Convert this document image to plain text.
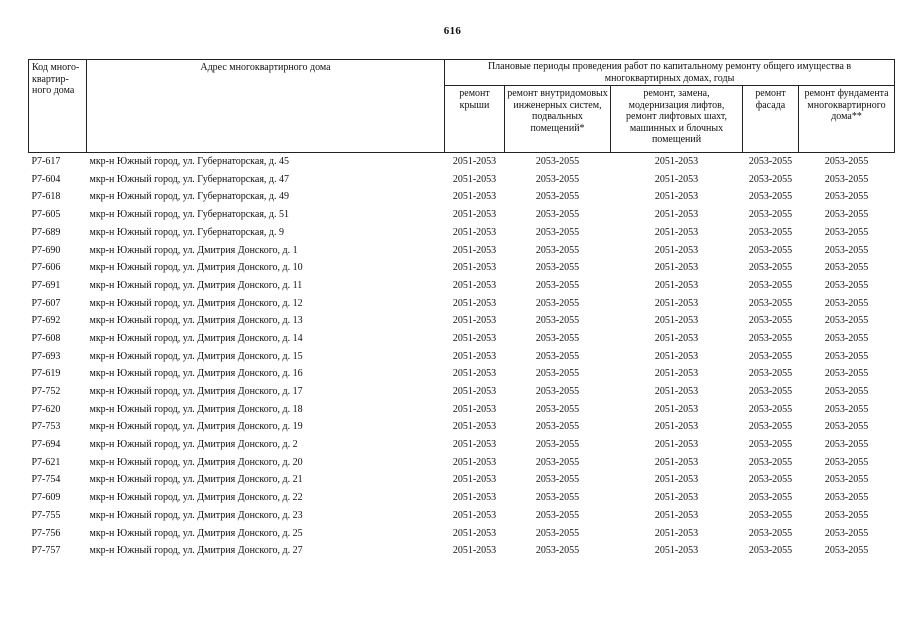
616
Код много-квартир-ного дома	Адрес многоквартирного дома	Плановые периоды проведения работ по капитальному ремонту общего имущества в многоквартирных домах, годы				
		ремонт крыши	ремонт внутридомовых инженерных систем, подвальных помещений*	ремонт, замена, модернизация лифтов, ремонт лифтовых шахт, машинных и блочных помещений	ремонт фасада	ремонт фундамента многоквартирного дома**
Р7-617	мкр-н Южный город, ул. Губернаторская, д. 45	2051-2053	2053-2055	2051-2053	2053-2055	2053-2055
Р7-604	мкр-н Южный город, ул. Губернаторская, д. 47	2051-2053	2053-2055	2051-2053	2053-2055	2053-2055
Р7-618	мкр-н Южный город, ул. Губернаторская, д. 49	2051-2053	2053-2055	2051-2053	2053-2055	2053-2055
Р7-605	мкр-н Южный город, ул. Губернаторская, д. 51	2051-2053	2053-2055	2051-2053	2053-2055	2053-2055
Р7-689	мкр-н Южный город, ул. Губернаторская, д. 9	2051-2053	2053-2055	2051-2053	2053-2055	2053-2055
Р7-690	мкр-н Южный город, ул. Дмитрия Донского, д. 1	2051-2053	2053-2055	2051-2053	2053-2055	2053-2055
Р7-606	мкр-н Южный город, ул. Дмитрия Донского, д. 10	2051-2053	2053-2055	2051-2053	2053-2055	2053-2055
Р7-691	мкр-н Южный город, ул. Дмитрия Донского, д. 11	2051-2053	2053-2055	2051-2053	2053-2055	2053-2055
Р7-607	мкр-н Южный город, ул. Дмитрия Донского, д. 12	2051-2053	2053-2055	2051-2053	2053-2055	2053-2055
Р7-692	мкр-н Южный город, ул. Дмитрия Донского, д. 13	2051-2053	2053-2055	2051-2053	2053-2055	2053-2055
Р7-608	мкр-н Южный город, ул. Дмитрия Донского, д. 14	2051-2053	2053-2055	2051-2053	2053-2055	2053-2055
Р7-693	мкр-н Южный город, ул. Дмитрия Донского, д. 15	2051-2053	2053-2055	2051-2053	2053-2055	2053-2055
Р7-619	мкр-н Южный город, ул. Дмитрия Донского, д. 16	2051-2053	2053-2055	2051-2053	2053-2055	2053-2055
Р7-752	мкр-н Южный город, ул. Дмитрия Донского, д. 17	2051-2053	2053-2055	2051-2053	2053-2055	2053-2055
Р7-620	мкр-н Южный город, ул. Дмитрия Донского, д. 18	2051-2053	2053-2055	2051-2053	2053-2055	2053-2055
Р7-753	мкр-н Южный город, ул. Дмитрия Донского, д. 19	2051-2053	2053-2055	2051-2053	2053-2055	2053-2055
Р7-694	мкр-н Южный город, ул. Дмитрия Донского, д. 2	2051-2053	2053-2055	2051-2053	2053-2055	2053-2055
Р7-621	мкр-н Южный город, ул. Дмитрия Донского, д. 20	2051-2053	2053-2055	2051-2053	2053-2055	2053-2055
Р7-754	мкр-н Южный город, ул. Дмитрия Донского, д. 21	2051-2053	2053-2055	2051-2053	2053-2055	2053-2055
Р7-609	мкр-н Южный город, ул. Дмитрия Донского, д. 22	2051-2053	2053-2055	2051-2053	2053-2055	2053-2055
Р7-755	мкр-н Южный город, ул. Дмитрия Донского, д. 23	2051-2053	2053-2055	2051-2053	2053-2055	2053-2055
Р7-756	мкр-н Южный город, ул. Дмитрия Донского, д. 25	2051-2053	2053-2055	2051-2053	2053-2055	2053-2055
Р7-757	мкр-н Южный город, ул. Дмитрия Донского, д. 27	2051-2053	2053-2055	2051-2053	2053-2055	2053-2055
